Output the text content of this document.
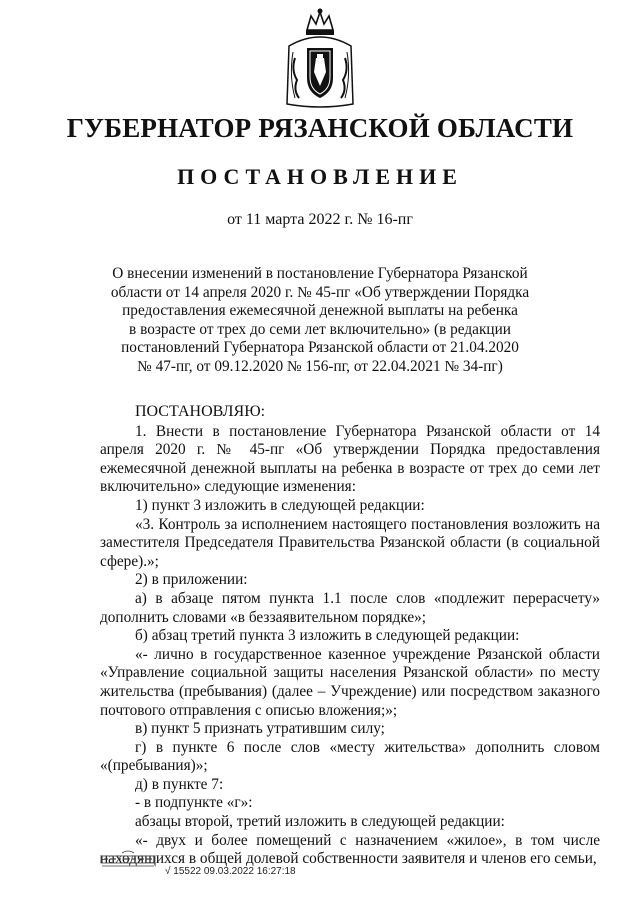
ГУБЕРНАТОР РЯЗАНСКОЙ ОБЛАСТИ
ПОСТАНОВЛЕНИЕ
от 11 марта 2022 г. № 16-пг
О внесении изменений в постановление Губернатора Рязанской
области от 14 апреля 2020 г. № 45-пг «Об утверждении Порядка
предоставления ежемесячной денежной выплаты на ребенка
в возрасте от трех до семи лет включительно» (в редакции
постановлений Губернатора Рязанской области от 21.04.2020
№ 47-пг, от 09.12.2020 № 156-пг, от 22.04.2021 № 34-пг)

ПОСТАНОВЛЯЮ:

1. Внести в постановление Губернатора Рязанской области от 14 апреля 2020 г. № 45-пг «Об утверждении Порядка предоставления ежемесячной денежной выплаты на ребенка в возрасте от трех до семи лет включительно» следующие изменения:

1) пункт 3 изложить в следующей редакции:

«3. Контроль за исполнением настоящего постановления возложить на заместителя Председателя Правительства Рязанской области (в социальной сфере).»;

2) в приложении:

а) в абзаце пятом пункта 1.1 после слов «подлежит перерасчету» дополнить словами «в беззаявительном порядке»;

б) абзац третий пункта 3 изложить в следующей редакции:

«- лично в государственное казенное учреждение Рязанской области «Управление социальной защиты населения Рязанской области» по месту жительства (пребывания) (далее – Учреждение) или посредством заказного почтового отправления с описью вложения;»;

в) пункт 5 признать утратившим силу;

г) в пункте 6 после слов «месту жительства» дополнить словом «(пребывания)»;

д) в пункте 7:

- в подпункте «г»:

абзацы второй, третий изложить в следующей редакции:

«- двух и более помещений с назначением «жилое», в том числе находящихся в общей долевой собственности заявителя и членов его семьи,

√ 15522 09.03.2022 16:27:18
